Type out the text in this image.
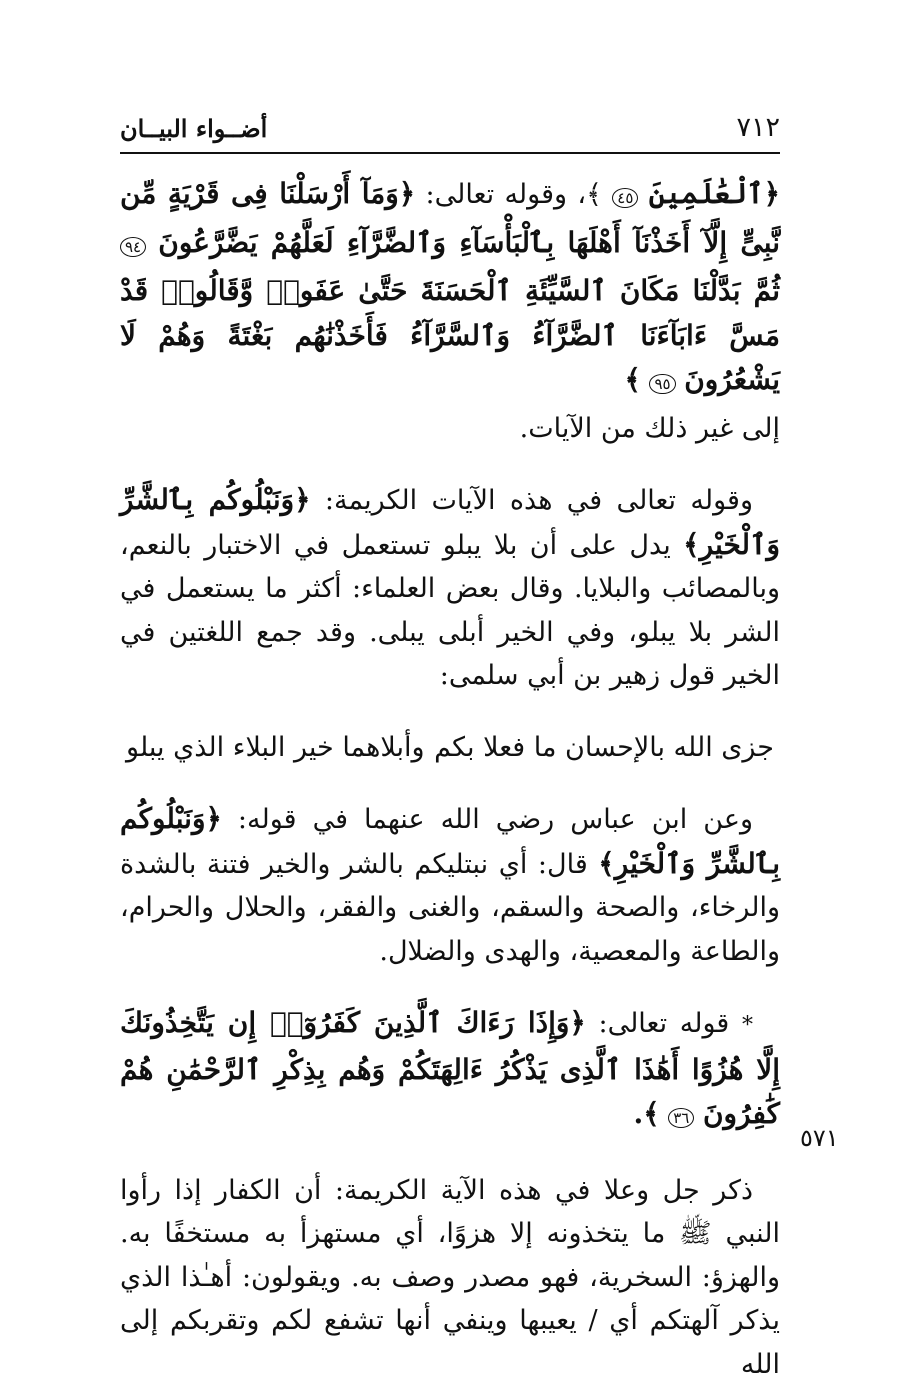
٧١٢
أضــواء البيــان

﴿ٱلْعَٰلَمِينَ ٤٥ ﴾، وقوله تعالى: ﴿وَمَآ أَرْسَلْنَا فِى قَرْيَةٍ مِّن نَّبِىٍّ إِلَّآ أَخَذْنَآ أَهْلَهَا بِٱلْبَأْسَآءِ وَٱلضَّرَّآءِ لَعَلَّهُمْ يَضَّرَّعُونَ ٩٤ ثُمَّ بَدَّلْنَا مَكَانَ ٱلسَّيِّئَةِ ٱلْحَسَنَةَ حَتَّىٰ عَفَوا۟ وَّقَالُوا۟ قَدْ مَسَّ ءَابَآءَنَا ٱلضَّرَّآءُ وَٱلسَّرَّآءُ فَأَخَذْنَٰهُم بَغْتَةً وَهُمْ لَا يَشْعُرُونَ ٩٥ ﴾

إلى غير ذلك من الآيات.

 وقوله تعالى في هذه الآيات الكريمة: ﴿وَنَبْلُوكُم بِٱلشَّرِّ وَٱلْخَيْرِ﴾ يدل على أن بلا يبلو تستعمل في الاختبار بالنعم، وبالمصائب والبلايا. وقال بعض العلماء: أكثر ما يستعمل في الشر بلا يبلو، وفي الخير أبلى يبلى. وقد جمع اللغتين في الخير قول زهير بن أبي سلمى:

جزى الله بالإحسان ما فعلا بكم
وأبلاهما خير البلاء الذي يبلو

 وعن ابن عباس رضي الله عنهما في قوله: ﴿وَنَبْلُوكُم بِٱلشَّرِّ وَٱلْخَيْرِ﴾ قال: أي نبتليكم بالشر والخير فتنة بالشدة والرخاء، والصحة والسقم، والغنى والفقر، والحلال والحرام، والطاعة والمعصية، والهدى والضلال.

 * قوله تعالى: ﴿وَإِذَا رَءَاكَ ٱلَّذِينَ كَفَرُوٓا۟ إِن يَتَّخِذُونَكَ إِلَّا هُزُوًا أَهَٰذَا ٱلَّذِى يَذْكُرُ ءَالِهَتَكُمْ وَهُم بِذِكْرِ ٱلرَّحْمَٰنِ هُمْ كَٰفِرُونَ ٣٦ ﴾.

 ذكر جل وعلا في هذه الآية الكريمة: أن الكفار إذا رأوا النبي ﷺ ما يتخذونه إلا هزوًا، أي مستهزأ به مستخفًا به. والهزؤ: السخرية، فهو مصدر وصف به. ويقولون: أهـٰذا الذي يذكر آلهتكم أي / يعيبها وينفي أنها تشفع لكم وتقربكم إلى الله

٥٧١
